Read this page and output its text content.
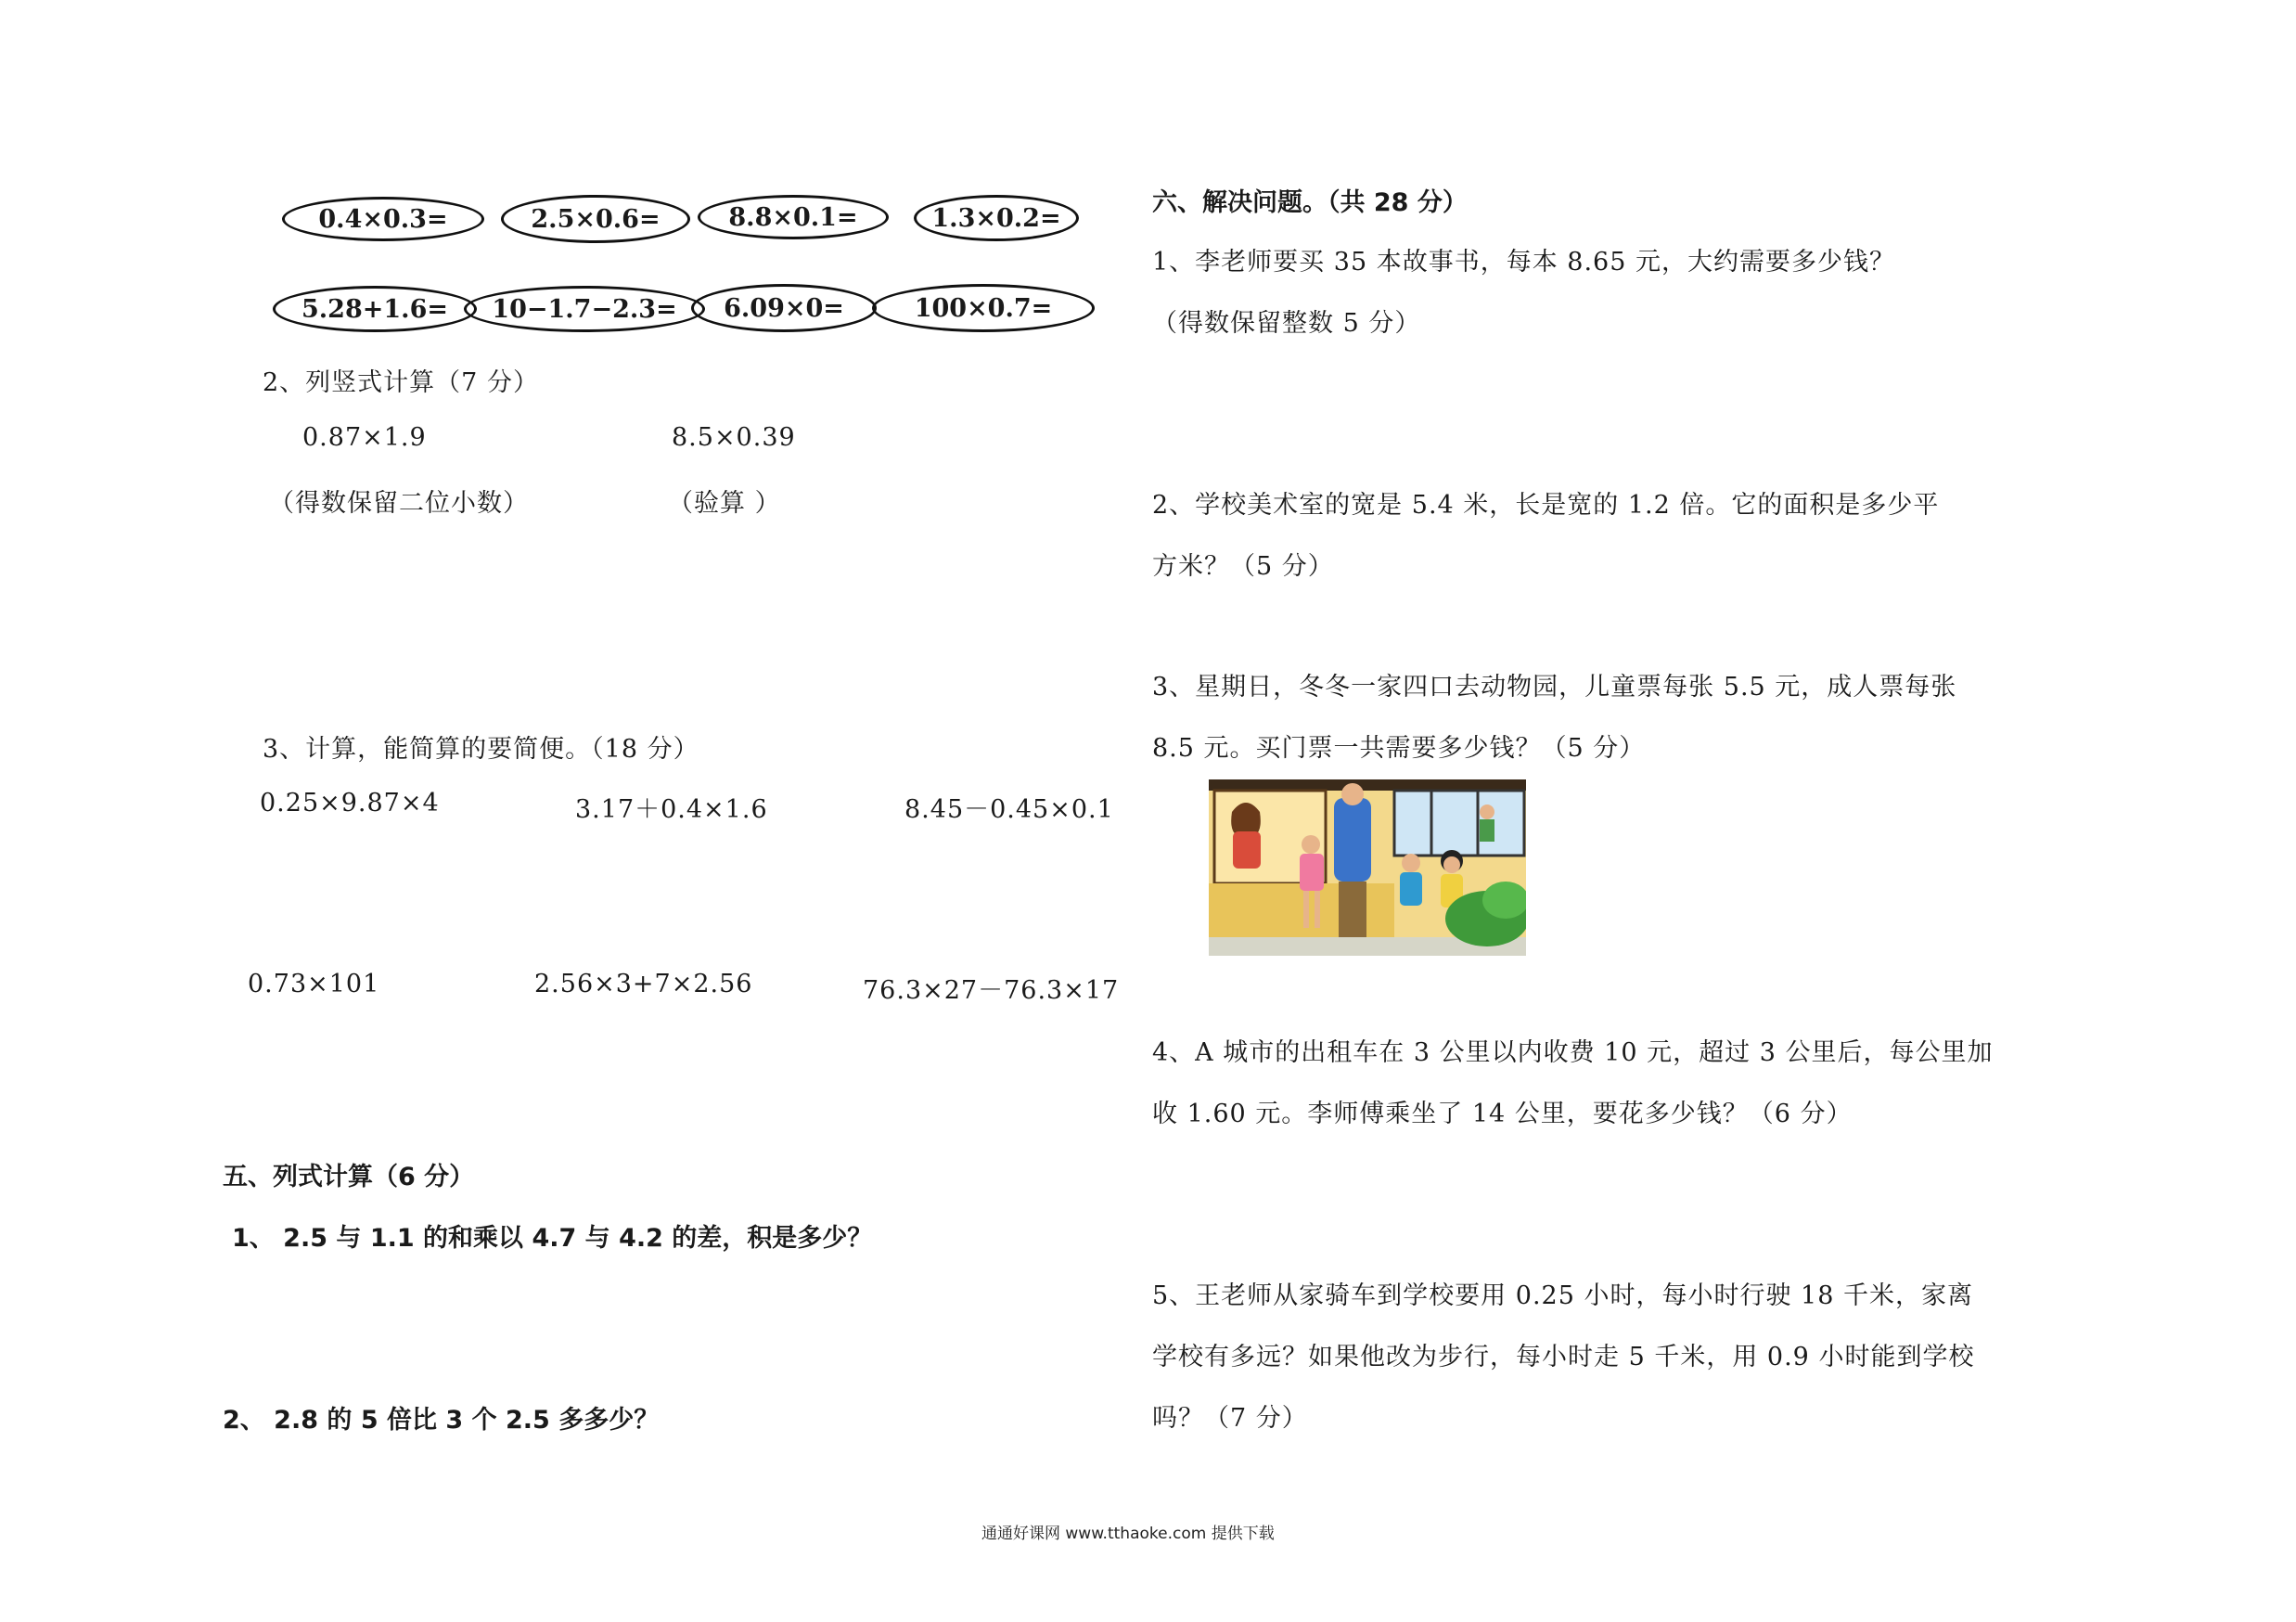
0.4×0.3=	2.5×0.6=	8.8×0.1=	1.3×0.2=
5.28+1.6=	10−1.7−2.3=	6.09×0=	100×0.7=
2、列竖式计算（7 分）
0.87×1.9	8.5×0.39
（得数保留二位小数）	（验算 ）
3、计算，能简算的要简便。（18 分）
0.25×9.87×4	3.17＋0.4×1.6	8.45－0.45×0.1
0.73×101	2.56×3+7×2.56	76.3×27－76.3×17
五、列式计算（6 分）
1、 2.5 与 1.1 的和乘以 4.7 与 4.2 的差，积是多少？
2、 2.8 的 5 倍比 3 个 2.5 多多少？
六、解决问题。（共 28 分）
1、李老师要买 35 本故事书，每本 8.65 元，大约需要多少钱？
（得数保留整数 5 分）
2、学校美术室的宽是 5.4 米，长是宽的 1.2 倍。它的面积是多少平
方米？（5 分）
3、星期日，冬冬一家四口去动物园，儿童票每张 5.5 元，成人票每张
8.5 元。买门票一共需要多少钱？（5 分）
4、A 城市的出租车在 3 公里以内收费 10 元，超过 3 公里后，每公里加
收 1.60 元。李师傅乘坐了 14 公里，要花多少钱？（6 分）
5、王老师从家骑车到学校要用 0.25 小时，每小时行驶 18 千米，家离
学校有多远？如果他改为步行，每小时走 5 千米，用 0.9 小时能到学校
吗？（7 分）
通通好课网 www.tthaoke.com 提供下载
